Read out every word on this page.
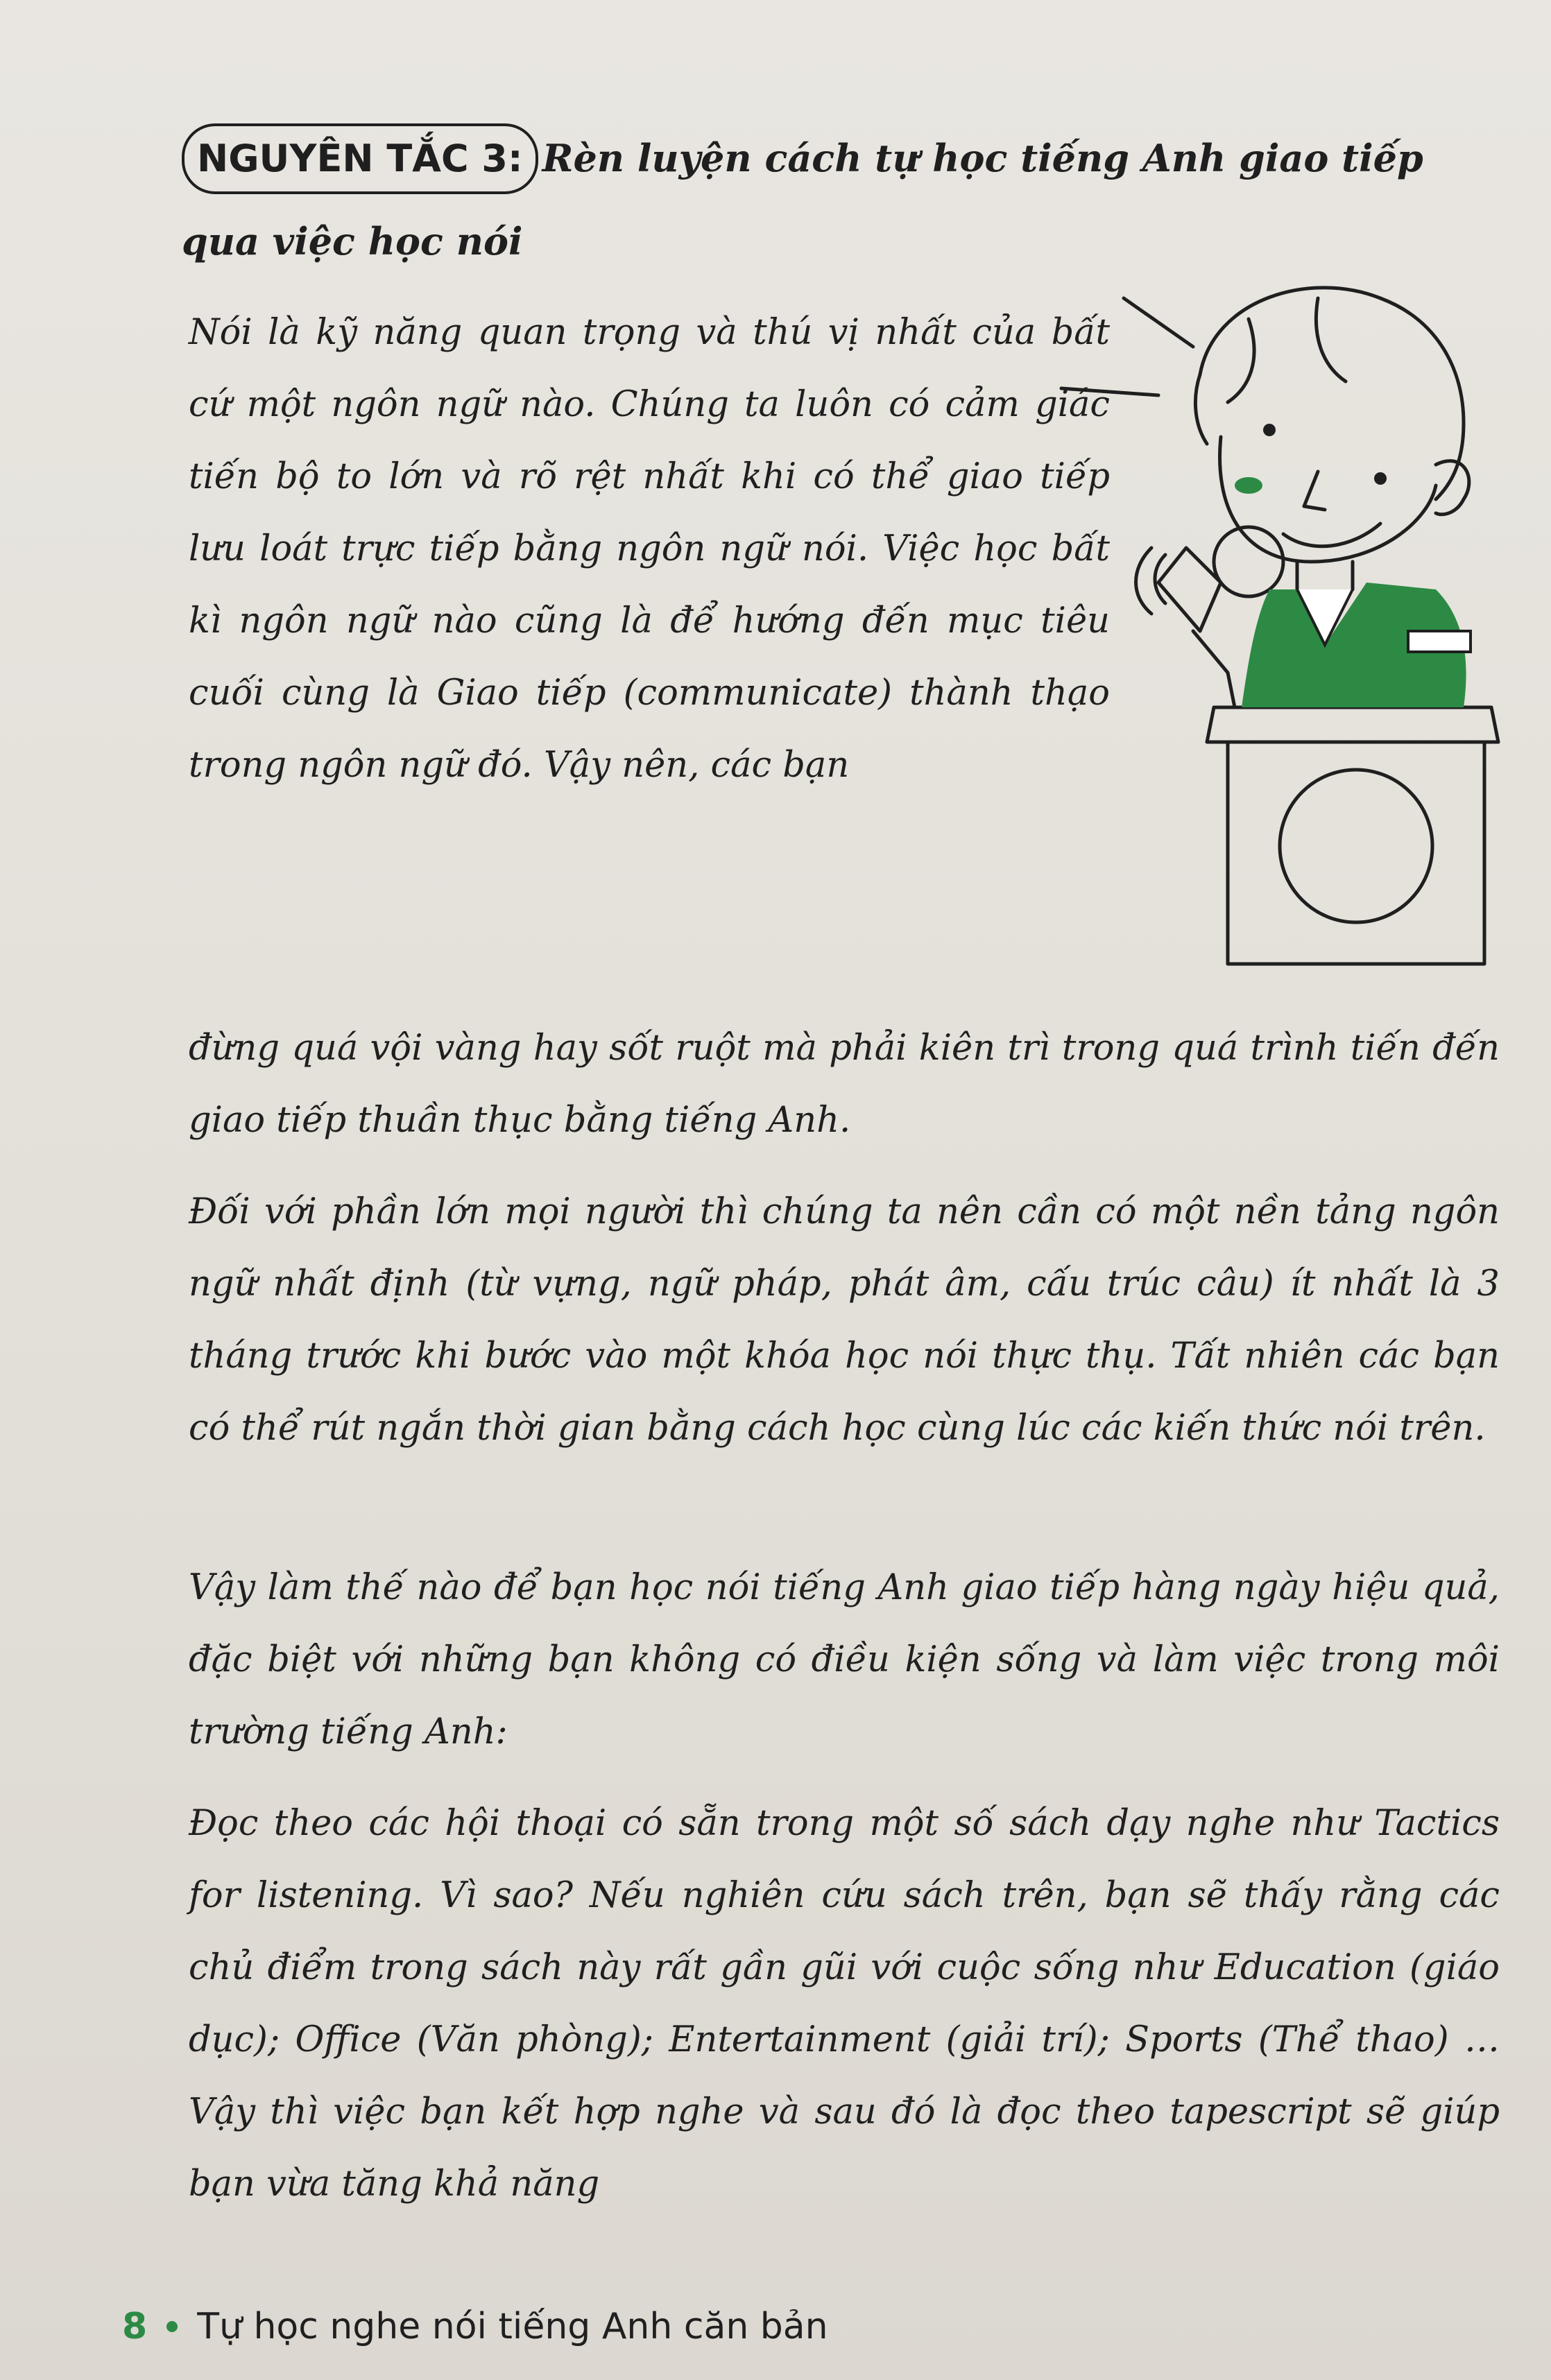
NGUYÊN TẮC 3: Rèn luyện cách tự học tiếng Anh giao tiếp qua việc học nói

Nói là kỹ năng quan trọng và thú vị nhất của bất cứ một ngôn ngữ nào. Chúng ta luôn có cảm giác tiến bộ to lớn và rõ rệt nhất khi có thể giao tiếp lưu loát trực tiếp bằng ngôn ngữ nói. Việc học bất kì ngôn ngữ nào cũng là để hướng đến mục tiêu cuối cùng là Giao tiếp (communicate) thành thạo trong ngôn ngữ đó. Vậy nên, các bạn

đừng quá vội vàng hay sốt ruột mà phải kiên trì trong quá trình tiến đến giao tiếp thuần thục bằng tiếng Anh.

Đối với phần lớn mọi người thì chúng ta nên cần có một nền tảng ngôn ngữ nhất định (từ vựng, ngữ pháp, phát âm, cấu trúc câu) ít nhất là 3 tháng trước khi bước vào một khóa học nói thực thụ. Tất nhiên các bạn có thể rút ngắn thời gian bằng cách học cùng lúc các kiến thức nói trên.

Vậy làm thế nào để bạn học nói tiếng Anh giao tiếp hàng ngày hiệu quả, đặc biệt với những bạn không có điều kiện sống và làm việc trong môi trường tiếng Anh:

Đọc theo các hội thoại có sẵn trong một số sách dạy nghe như Tactics for listening. Vì sao? Nếu nghiên cứu sách trên, bạn sẽ thấy rằng các chủ điểm trong sách này rất gần gũi với cuộc sống như Education (giáo dục); Office (Văn phòng); Entertainment (giải trí); Sports (Thể thao) … Vậy thì việc bạn kết hợp nghe và sau đó là đọc theo tapescript sẽ giúp bạn vừa tăng khả năng

8 Tự học nghe nói tiếng Anh căn bản
